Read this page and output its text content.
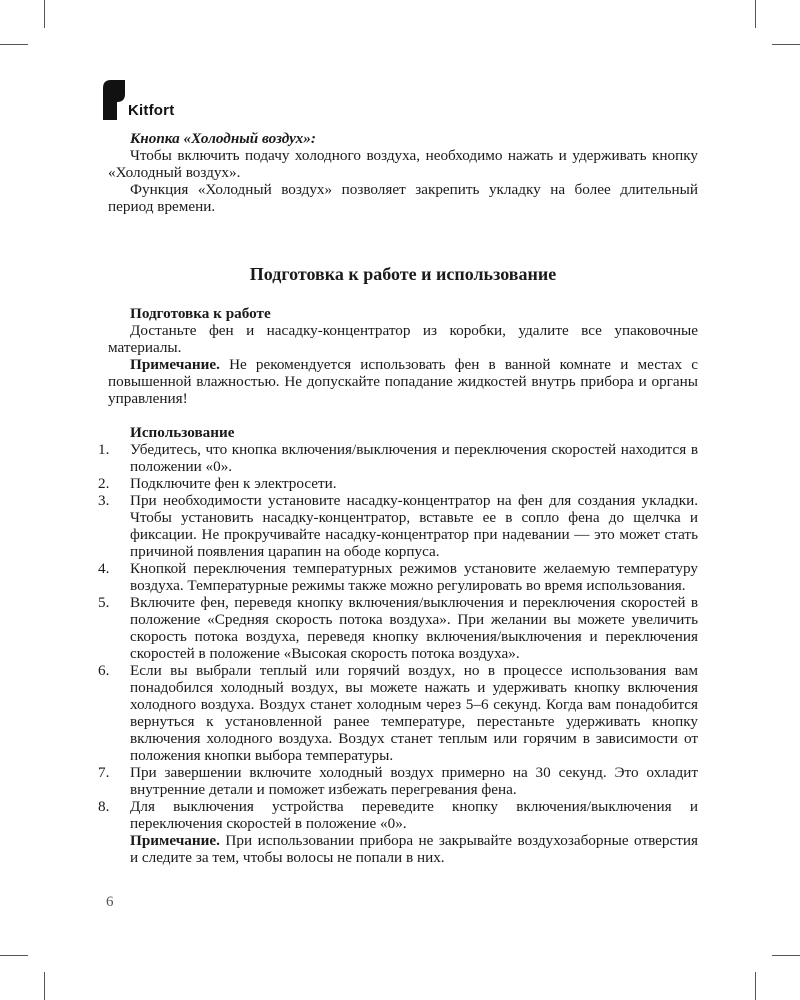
Kitfort

Кнопка «Холодный воздух»:

Чтобы включить подачу холодного воздуха, необходимо нажать и удерживать кнопку «Холодный воздух».

Функция «Холодный воздух» позволяет закрепить укладку на более длительный период времени.

Подготовка к работе и использование

Подготовка к работе

Достаньте фен и насадку-концентратор из коробки, удалите все упаковочные материалы.

Примечание. Не рекомендуется использовать фен в ванной комнате и местах с повышенной влажностью. Не допускайте попадание жидкостей внутрь прибора и органы управления!

Использование

1. Убедитесь, что кнопка включения/выключения и переключения скоростей находится в положении «0».
2. Подключите фен к электросети.
3. При необходимости установите насадку-концентратор на фен для создания укладки. Чтобы установить насадку-концентратор, вставьте ее в сопло фена до щелчка и фиксации. Не прокручивайте насадку-концентратор при надевании — это может стать причиной появления царапин на ободе корпуса.
4. Кнопкой переключения температурных режимов установите желаемую температуру воздуха. Температурные режимы также можно регулировать во время использования.
5. Включите фен, переведя кнопку включения/выключения и переключения скоростей в положение «Средняя скорость потока воздуха». При желании вы можете увеличить скорость потока воздуха, переведя кнопку включения/выключения и переключения скоростей в положение «Высокая скорость потока воздуха».
6. Если вы выбрали теплый или горячий воздух, но в процессе использования вам понадобился холодный воздух, вы можете нажать и удерживать кнопку включения холодного воздуха. Воздух станет холодным через 5–6 секунд. Когда вам понадобится вернуться к установленной ранее температуре, перестаньте удерживать кнопку включения холодного воздуха. Воздух станет теплым или горячим в зависимости от положения кнопки выбора температуры.
7. При завершении включите холодный воздух примерно на 30 секунд. Это охладит внутренние детали и поможет избежать перегревания фена.
8. Для выключения устройства переведите кнопку включения/выключения и переключения скоростей в положение «0».

Примечание. При использовании прибора не закрывайте воздухозаборные отверстия и следите за тем, чтобы волосы не попали в них.

6
